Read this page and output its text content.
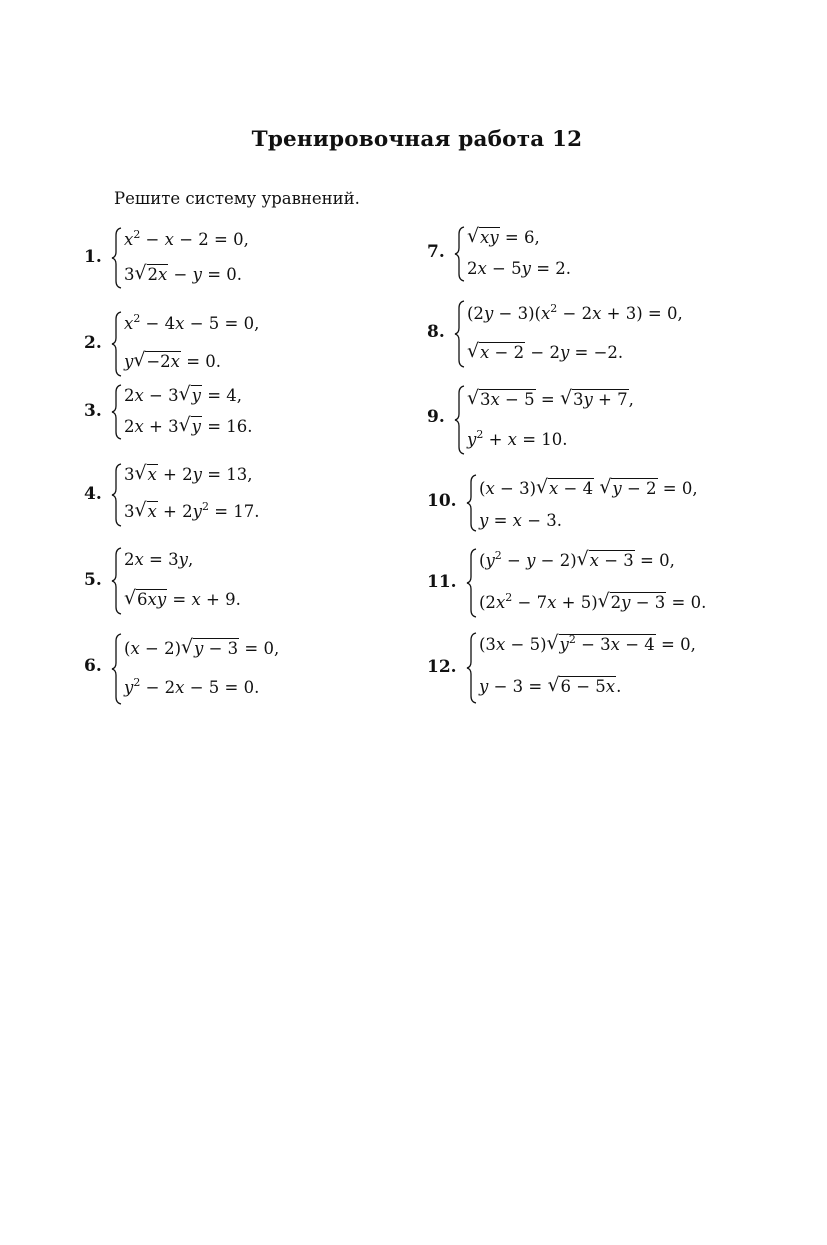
Тренировочная работа 12
Решите систему уравнений.
1.
$x^2 - x - 2 = 0$,
3 √ 2x − y = 0.
2.
$x^2 - 4x - 5 = 0$,
y √ −2x = 0.
3.
2x − 3 √ y = 4,
2x + 3 √ y = 16.
4.
3 √ x + 2y = 13,
3 √ $x + 2y^2 = 17$.
5.
2x = 3y,
√ 6xy = x + 9.
6.
(x − 2) √ y − 3 = 0,
$y^2 - 2x - 5 = 0$.
7.
√ xy = 6,
2x − 5y = 2.
8.
$(2y - 3)(x^2 - 2x + 3) = 0$,
√ x − 2 − 2y = −2.
9.
√ 3x − 5 = √ 3y + 7,
$y^2 + x = 10$.
10.
(x − 3) √ x − 4 √ y − 2 = 0,
y = x − 3.
11.
$(y^2 - y - 2)$ √ x − 3 = 0,
$(2x^2 - 7x + 5)$ √ 2y − 3 = 0.
12.
(3x − 5) √ $y^2 - 3x - 4 = 0$,
y − 3 = √ 6 − 5x.
